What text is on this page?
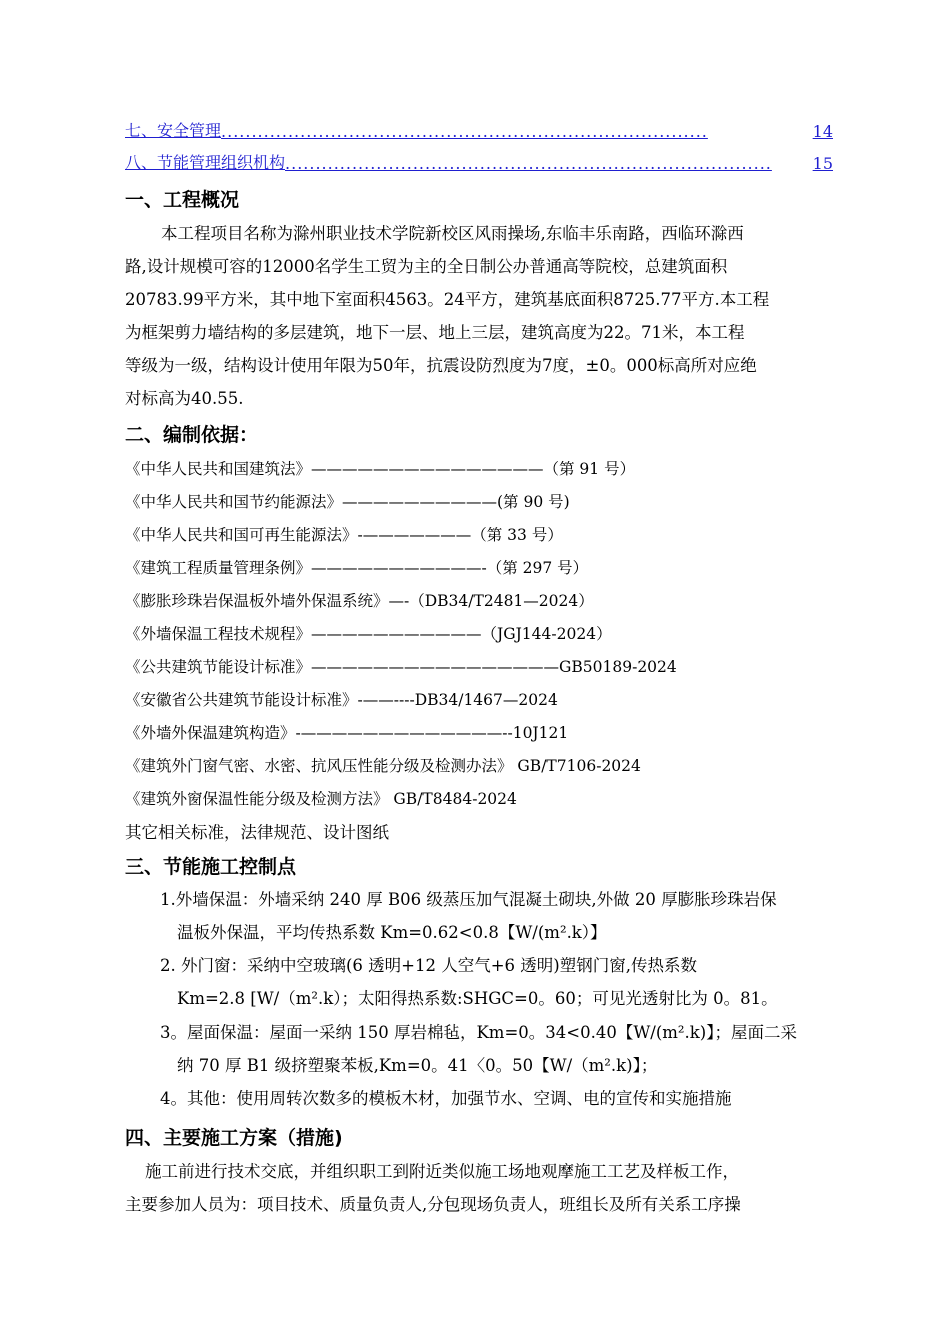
七、安全管理 ................................................................................	14
八、节能管理组织机构 ................................................................................	15
一、工程概况
本工程项目名称为滁州职业技术学院新校区风雨操场,东临丰乐南路，西临环滁西
路,设计规模可容的12000名学生工贸为主的全日制公办普通高等院校，总建筑面积
20783.99平方米，其中地下室面积4563。24平方，建筑基底面积8725.77平方.本工程
为框架剪力墙结构的多层建筑，地下一层、地上三层，建筑高度为22。71米，本工程
等级为一级，结构设计使用年限为50年，抗震设防烈度为7度，±0。000标高所对应绝
对标高为40.55.
二、编制依据：
《中华人民共和国建筑法》———————————————（第 91 号）
《中华人民共和国节约能源法》——————————(第 90 号)
《中华人民共和国可再生能源法》-———————（第 33 号）
《建筑工程质量管理条例》———————————-（第 297 号）
《膨胀珍珠岩保温板外墙外保温系统》—-（DB34/T2481—2024）
《外墙保温工程技术规程》———————————（JGJ144-2024）
《公共建筑节能设计标准》————————————————GB50189-2024
《安徽省公共建筑节能设计标准》-——----DB34/1467—2024
《外墙外保温建筑构造》-—————————————--10J121
《建筑外门窗气密、水密、抗风压性能分级及检测办法》 GB/T7106-2024
《建筑外窗保温性能分级及检测方法》 GB/T8484-2024
其它相关标准，法律规范、设计图纸
三、节能施工控制点
1.外墙保温：外墙采纳 240 厚 B06 级蒸压加气混凝土砌块,外做 20 厚膨胀珍珠岩保
温板外保温，平均传热系数 Km=0.62<0.8【W/(m².k）】
2. 外门窗：采纳中空玻璃(6 透明+12 人空气+6 透明)塑钢门窗,传热系数
Km=2.8 [W/（m².k）；太阳得热系数:SHGC=0。60；可见光透射比为 0。81。
3。屋面保温：屋面一采纳 150 厚岩棉毡，Km=0。34<0.40【W/(m².k)】；屋面二采
纳 70 厚 B1 级挤塑聚苯板,Km=0。41〈0。50【W/（m².k)】；
4。其他：使用周转次数多的模板木材，加强节水、空调、电的宣传和实施措施
四、主要施工方案（措施)
施工前进行技术交底，并组织职工到附近类似施工场地观摩施工工艺及样板工作，
主要参加人员为：项目技术、质量负责人,分包现场负责人，班组长及所有关系工序操
